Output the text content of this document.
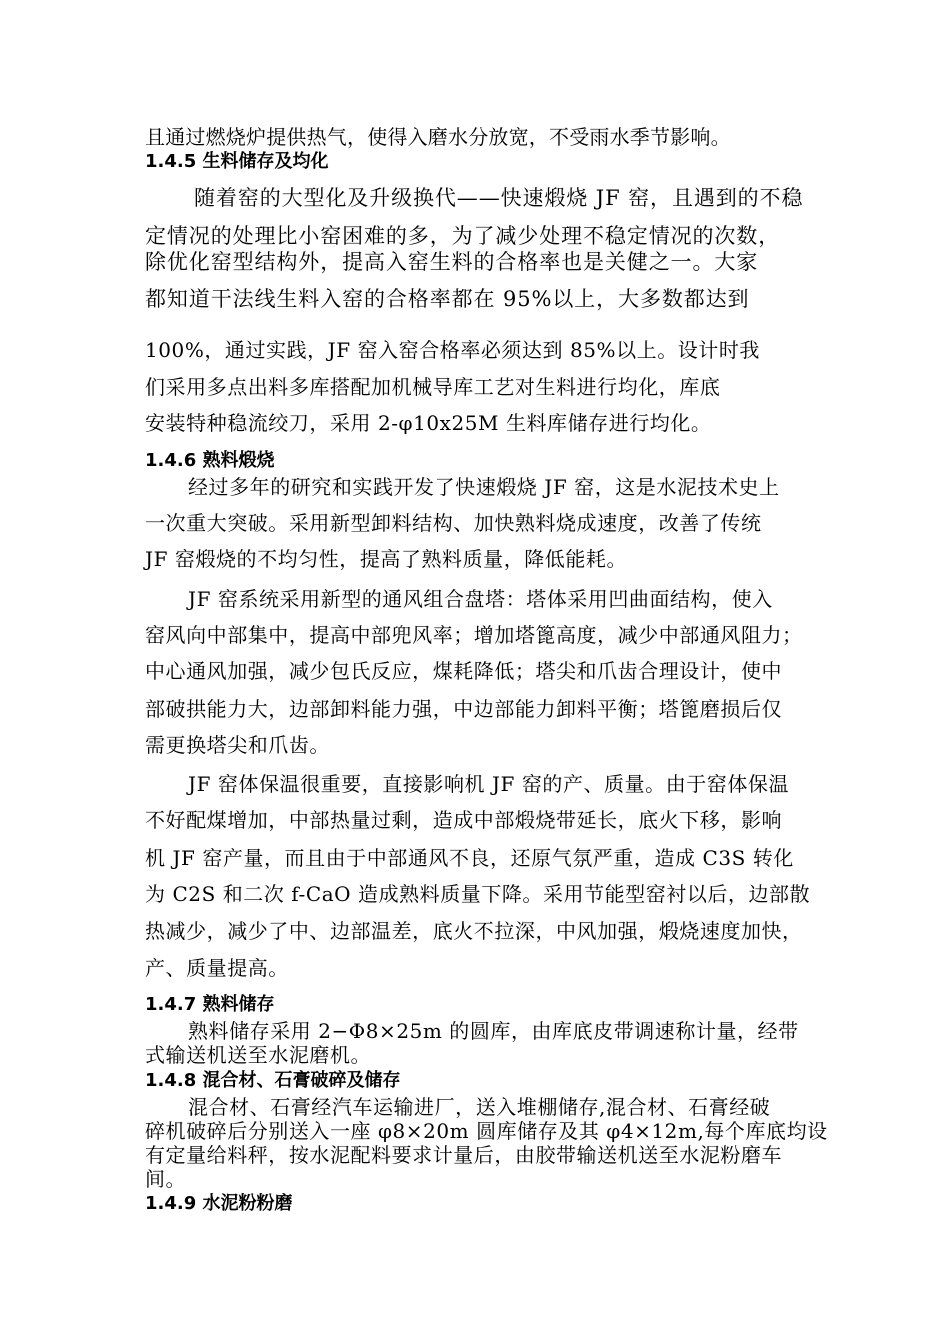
且通过燃烧炉提供热气，使得入磨水分放宽，不受雨水季节影响。
1.4.5 生料储存及均化
随着窑的大型化及升级换代——快速煅烧 JF 窑，且遇到的不稳
定情况的处理比小窑困难的多，为了减少处理不稳定情况的次数，
除优化窑型结构外，提高入窑生料的合格率也是关健之一。大家
都知道干法线生料入窑的合格率都在 95%以上，大多数都达到
100%，通过实践，JF 窑入窑合格率必须达到 85%以上。设计时我
们采用多点出料多库搭配加机械导库工艺对生料进行均化，库底
安装特种稳流绞刀，采用 2-φ10x25M 生料库储存进行均化。
1.4.6 熟料煅烧
经过多年的研究和实践开发了快速煅烧 JF 窑，这是水泥技术史上
一次重大突破。采用新型卸料结构、加快熟料烧成速度，改善了传统
JF 窑煅烧的不均匀性，提高了熟料质量，降低能耗。
JF 窑系统采用新型的通风组合盘塔：塔体采用凹曲面结构，使入
窑风向中部集中，提高中部兜风率；增加塔篦高度，减少中部通风阻力；
中心通风加强，减少包氏反应，煤耗降低；塔尖和爪齿合理设计，使中
部破拱能力大，边部卸料能力强，中边部能力卸料平衡；塔篦磨损后仅
需更换塔尖和爪齿。
JF 窑体保温很重要，直接影响机 JF 窑的产、质量。由于窑体保温
不好配煤增加，中部热量过剩，造成中部煅烧带延长，底火下移，影响
机 JF 窑产量，而且由于中部通风不良，还原气氛严重，造成 C3S 转化
为 C2S 和二次 f-CaO 造成熟料质量下降。采用节能型窑衬以后，边部散
热减少，减少了中、边部温差，底火不拉深，中风加强，煅烧速度加快，
产、质量提高。
1.4.7 熟料储存
熟料储存采用 2−Φ8×25m 的圆库，由库底皮带调速称计量，经带
式输送机送至水泥磨机。
1.4.8 混合材、石膏破碎及储存
混合材、石膏经汽车运输进厂，送入堆棚储存,混合材、石膏经破
碎机破碎后分别送入一座 φ8×20m 圆库储存及其 φ4×12m,每个库底均设
有定量给料秤，按水泥配料要求计量后，由胶带输送机送至水泥粉磨车
间。
1.4.9 水泥粉粉磨
